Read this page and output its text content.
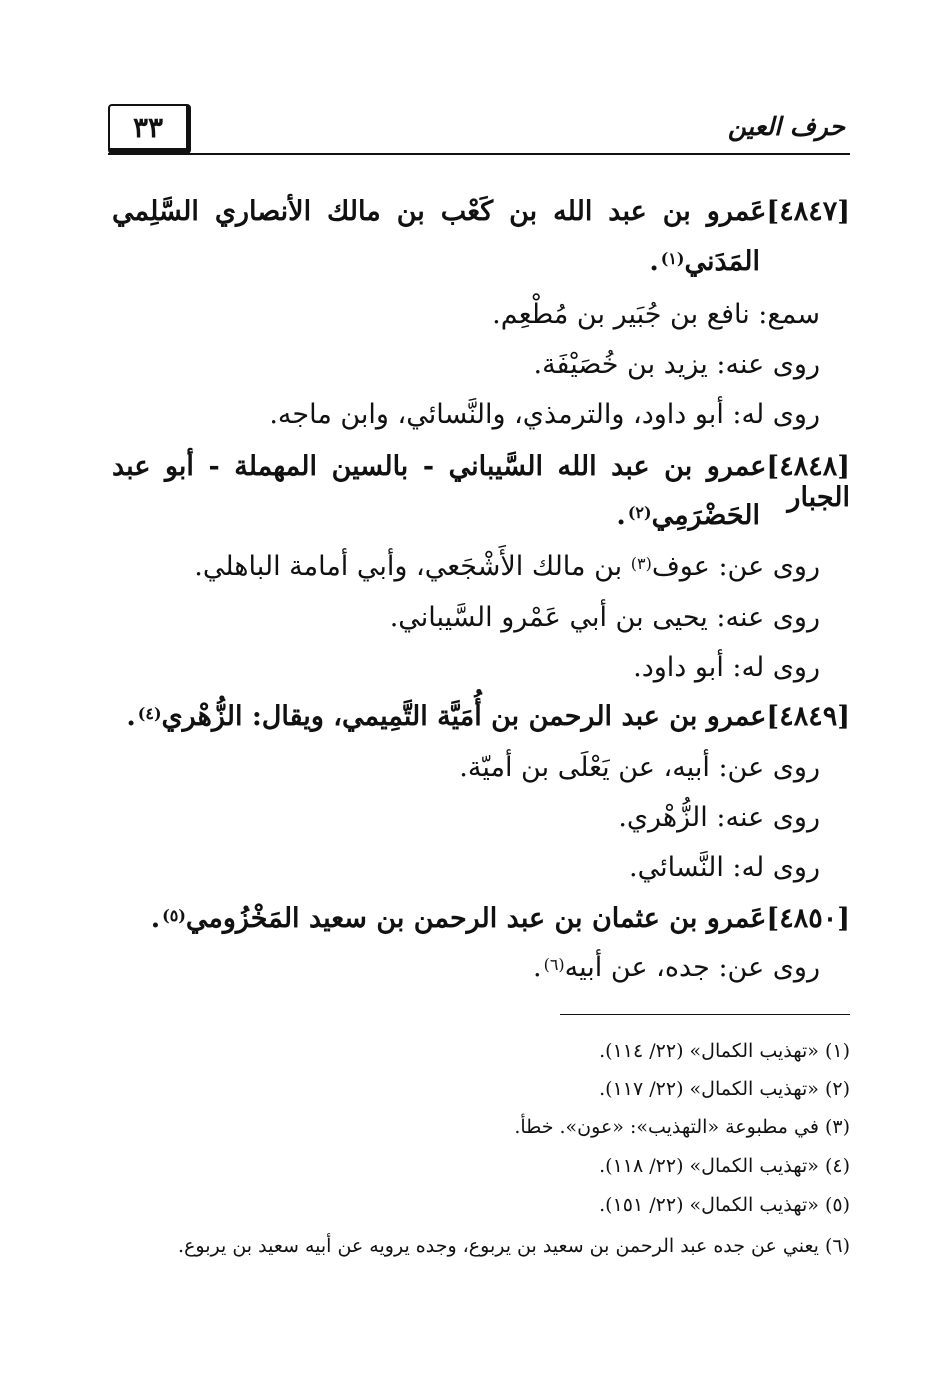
حرف العين
٣٣
[٤٨٤٧]عَمرو بن عبد الله بن كَعْب بن مالك الأنصاري السَّلِمي
المَدَني$^{(١)}$.
سمع: نافع بن جُبَير بن مُطْعِم.
روى عنه: يزيد بن خُصَيْفَة.
روى له: أبو داود، والترمذي، والنَّسائي، وابن ماجه.
[٤٨٤٨]عمرو بن عبد الله السَّيباني - بالسين المهملة - أبو عبد الجبار
الحَضْرَمِي$^{(٢)}$.
روى عن: عوف$^{(٣)}$ بن مالك الأَشْجَعي، وأبي أمامة الباهلي.
روى عنه: يحيى بن أبي عَمْرو السَّيباني.
روى له: أبو داود.
[٤٨٤٩]عمرو بن عبد الرحمن بن أُمَيَّة التَّمِيمي، ويقال: الزُّهْري$^{(٤)}$.
روى عن: أبيه، عن يَعْلَى بن أميّة.
روى عنه: الزُّهْري.
روى له: النَّسائي.
[٤٨٥٠]عَمرو بن عثمان بن عبد الرحمن بن سعيد المَخْزُومي$^{(٥)}$.
روى عن: جده، عن أبيه$^{(٦)}$.
(١) «تهذيب الكمال» (٢٢/ ١١٤).
(٢) «تهذيب الكمال» (٢٢/ ١١٧).
(٣) في مطبوعة «التهذيب»: «عون». خطأ.
(٤) «تهذيب الكمال» (٢٢/ ١١٨).
(٥) «تهذيب الكمال» (٢٢/ ١٥١).
(٦) يعني عن جده عبد الرحمن بن سعيد بن يربوع، وجده يرويه عن أبيه سعيد بن يربوع.
